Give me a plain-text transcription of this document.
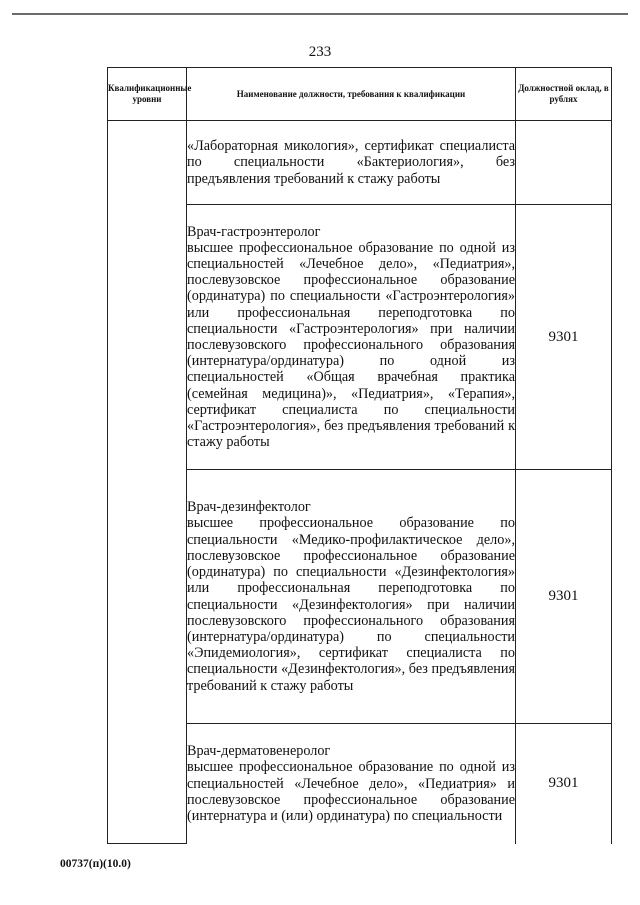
233
Квалификационные уровни	Наименование должности, требования к квалификации	Должностной оклад, в рублях
	«Лабораторная микология», сертификат специалиста по специальности «Бактериология», без предъявления требований к стажу работы	

	Врач-гастроэнтеролог
высшее профессиональное образование по одной из специальностей «Лечебное дело», «Педиатрия», послевузовское профессиональное образование (ординатура) по специальности «Гастроэнтерология» или профессиональная переподготовка по специальности «Гастроэнтерология» при наличии послевузовского профессионального образования (интернатура/ординатура) по одной из специальностей «Общая врачебная практика (семейная медицина)», «Педиатрия», «Терапия», сертификат специалиста по специальности «Гастроэнтерология», без предъявления требований к стажу работы	9301

	Врач-дезинфектолог
высшее профессиональное образование по специальности «Медико-профилактическое дело», послевузовское профессиональное образование (ординатура) по специальности «Дезинфектология» или профессиональная переподготовка по специальности «Дезинфектология» при наличии послевузовского профессионального образования (интернатура/ординатура) по специальности «Эпидемиология», сертификат специалиста по специальности «Дезинфектология», без предъявления требований к стажу работы	9301

	Врач-дерматовенеролог
высшее профессиональное образование по одной из специальностей «Лечебное дело», «Педиатрия» и послевузовское профессиональное образование (интернатура и (или) ординатура) по специальности	9301
00737(п)(10.0)
